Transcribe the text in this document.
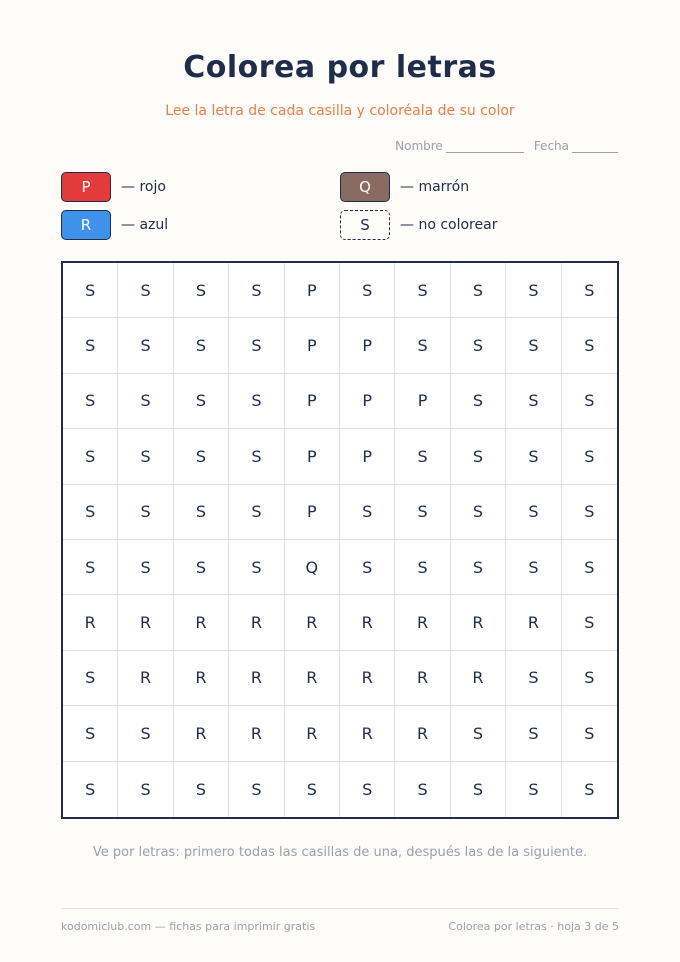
Colorea por letras
Lee la letra de cada casilla y coloréala de su color
Nombre	Fecha
P	— rojo
R	— azul
Q	— marrón
S	— no colorear
S	S	S	S	P	S	S	S	S	S
S	S	S	S	P	P	S	S	S	S
S	S	S	S	P	P	P	S	S	S
S	S	S	S	P	P	S	S	S	S
S	S	S	S	P	S	S	S	S	S
S	S	S	S	Q	S	S	S	S	S
R	R	R	R	R	R	R	R	R	S
S	R	R	R	R	R	R	R	S	S
S	S	R	R	R	R	R	S	S	S
S	S	S	S	S	S	S	S	S	S
Ve por letras: primero todas las casillas de una, después las de la siguiente.
kodomiclub.com — fichas para imprimir gratis	Colorea por letras · hoja 3 de 5
